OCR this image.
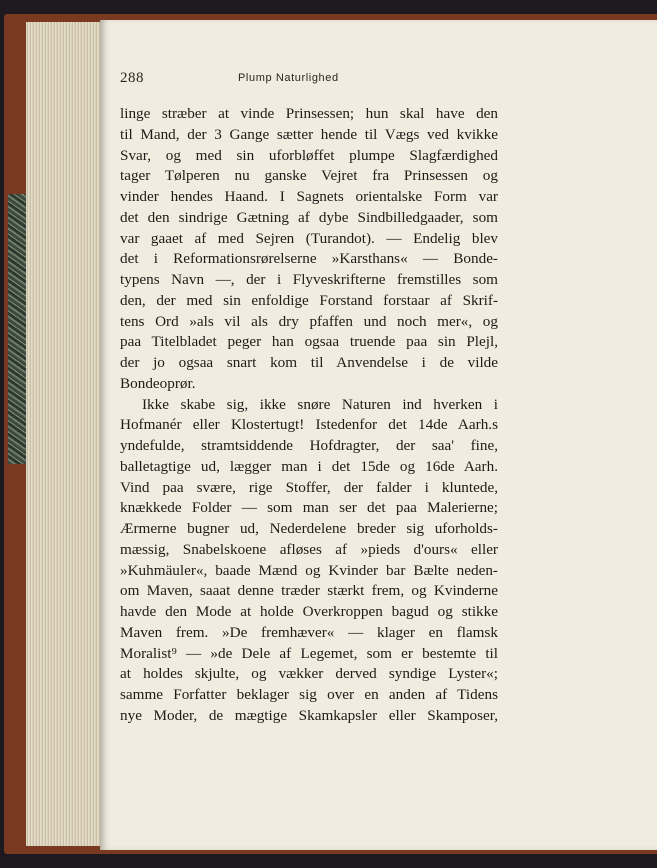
288	Plump Naturlighed
linge stræber at vinde Prinsessen; hun skal have den
til Mand, der 3 Gange sætter hende til Vægs ved kvikke
Svar, og med sin uforbløffet plumpe Slagfærdighed
tager Tølperen nu ganske Vejret fra Prinsessen og
vinder hendes Haand. I Sagnets orientalske Form var
det den sindrige Gætning af dybe Sindbilledgaader, som
var gaaet af med Sejren (Turandot). — Endelig blev
det i Reformationsrørelserne »Karsthans« — Bonde-
typens Navn —, der i Flyveskrifterne fremstilles som
den, der med sin enfoldige Forstand forstaar af Skrif-
tens Ord »als vil als dry pfaffen und noch mer«, og
paa Titelbladet peger han ogsaa truende paa sin Plejl,
der jo ogsaa snart kom til Anvendelse i de vilde
Bondeoprør.
Ikke skabe sig, ikke snøre Naturen ind hverken i
Hofmanér eller Klostertugt! Istedenfor det 14de Aarh.s
yndefulde, stramtsiddende Hofdragter, der saa' fine,
balletagtige ud, lægger man i det 15de og 16de Aarh.
Vind paa svære, rige Stoffer, der falder i kluntede,
knækkede Folder — som man ser det paa Malerierne;
Ærmerne bugner ud, Nederdelene breder sig uforholds-
mæssig, Snabelskoene afløses af »pieds d'ours« eller
»Kuhmäuler«, baade Mænd og Kvinder bar Bælte neden-
om Maven, saaat denne træder stærkt frem, og Kvinderne
havde den Mode at holde Overkroppen bagud og stikke
Maven frem. »De fremhæver« — klager en flamsk
Moralist⁹ — »de Dele af Legemet, som er bestemte til
at holdes skjulte, og vækker derved syndige Lyster«;
samme Forfatter beklager sig over en anden af Tidens
nye Moder, de mægtige Skamkapsler eller Skamposer,
